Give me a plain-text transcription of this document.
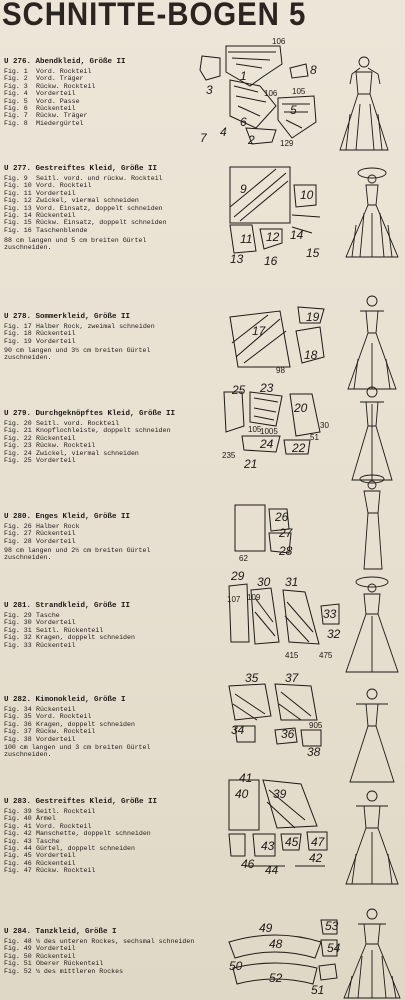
SCHNITTE-BOGEN 5
U 276. Abendkleid, Größe II
Fig. 1 Vord. Rockteil
Fig. 2 Vord. Träger
Fig. 3 Rückw. Rockteil
Fig. 4 Vorderteil
Fig. 5 Vord. Passe
Fig. 6 Rückenteil
Fig. 7 Rückw. Träger
Fig. 8 Miedergürtel
106
1
2
3
4
5
6
7
8
106
129
105
U 277. Gestreiftes Kleid, Größe II
Fig. 9 Seitl. vord. und rückw. Rockteil
Fig. 10 Vord. Rockteil
Fig. 11 Vorderteil
Fig. 12 Zwickel, viermal schneiden
Fig. 13 Vord. Einsatz, doppelt schneiden
Fig. 14 Rückenteil
Fig. 15 Rückw. Einsatz, doppelt schneiden
Fig. 16 Taschenblende
88 cm langen und 5 cm breiten Gürtel zuschneiden.
9	10
11 12
13
14
15
16
U 278. Sommerkleid, Größe II
Fig. 17 Halber Rock, zweimal schneiden
Fig. 18 Rückenteil
Fig. 19 Vorderteil
90 cm langen und 3½ cm breiten Gürtel zuschneiden.
17
18
19
98
U 279. Durchgeknöpftes Kleid, Größe II
Fig. 20 Seitl. vord. Rockteil
Fig. 21 Knopflochleiste, doppelt schneiden
Fig. 22 Rückenteil
Fig. 23 Rückw. Rockteil
Fig. 24 Zwickel, viermal schneiden
Fig. 25 Vorderteil
20
21
22
23
24
25
1005
105
235
51
30
U 280. Enges Kleid, Größe II
Fig. 26 Halber Rock
Fig. 27 Rückenteil
Fig. 28 Vorderteil
98 cm langen und 2½ cm breiten Gürtel zuschneiden.
26
27
28
62
U 281. Strandkleid, Größe II
Fig. 29 Tasche
Fig. 30 Vorderteil
Fig. 31 Seitl. Rückenteil
Fig. 32 Kragen, doppelt schneiden
Fig. 33 Rückenteil
29 30 31
32
33
107 109
415	475
U 282. Kimonokleid, Größe I
Fig. 34 Rückenteil
Fig. 35 Vord. Rockteil
Fig. 36 Kragen, doppelt schneiden
Fig. 37 Rückw. Rockteil
Fig. 38 Vorderteil
100 cm langen und 3 cm breiten Gürtel zuschneiden.
34
35
36
37
38
905
U 283. Gestreiftes Kleid, Größe II
Fig. 39 Seitl. Rockteil
Fig. 40 Ärmel
Fig. 41 Vord. Rockteil
Fig. 42 Manschette, doppelt schneiden
Fig. 43 Tasche
Fig. 44 Gürtel, doppelt schneiden
Fig. 45 Vorderteil
Fig. 46 Rückenteil
Fig. 47 Rückw. Rockteil
39
40
41
42
43
44
45
46
47
U 284. Tanzkleid, Größe I
Fig. 48 ¼ des unteren Rockes, sechsmal schneiden
Fig. 49 Vorderteil
Fig. 50 Rückenteil
Fig. 51 Oberer Rückenteil
Fig. 52 ¼ des mittleren Rockes
48
49
50
51
52
53
54
